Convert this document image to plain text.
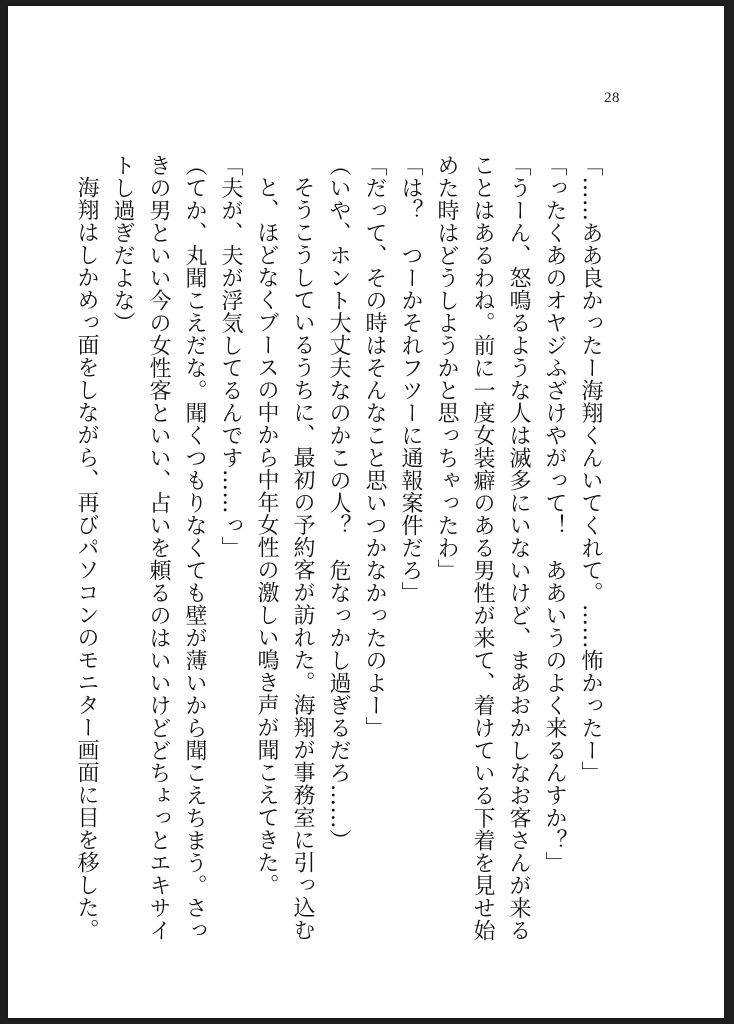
28

「……ああ良かったー海翔くんいてくれて。……怖かったー」

「ったくあのオヤジふざけやがって！　ああいうのよく来るんすか？」

「うーん、怒鳴るような人は滅多にいないけど、まあおかしなお客さんが来ることはあるわね。前に一度女装癖のある男性が来て、着けている下着を見せ始めた時はどうしようかと思っちゃったわ」

「は？　つーかそれフツーに通報案件だろ」

「だって、その時はそんなこと思いつかなかったのよー」

（いや、ホント大丈夫なのかこの人？　危なっかし過ぎるだろ……）

そうこうしているうちに、最初の予約客が訪れた。海翔が事務室に引っ込むと、ほどなくブースの中から中年女性の激しい鳴き声が聞こえてきた。

「夫が、夫が浮気してるんです……っ」

（てか、丸聞こえだな。聞くつもりなくても壁が薄いから聞こえちまう。さっきの男といい今の女性客といい、占いを頼るのはいいけどどちょっとエキサイトし過ぎだよな）

海翔はしかめっ面をしながら、再びパソコンのモニター画面に目を移した。
